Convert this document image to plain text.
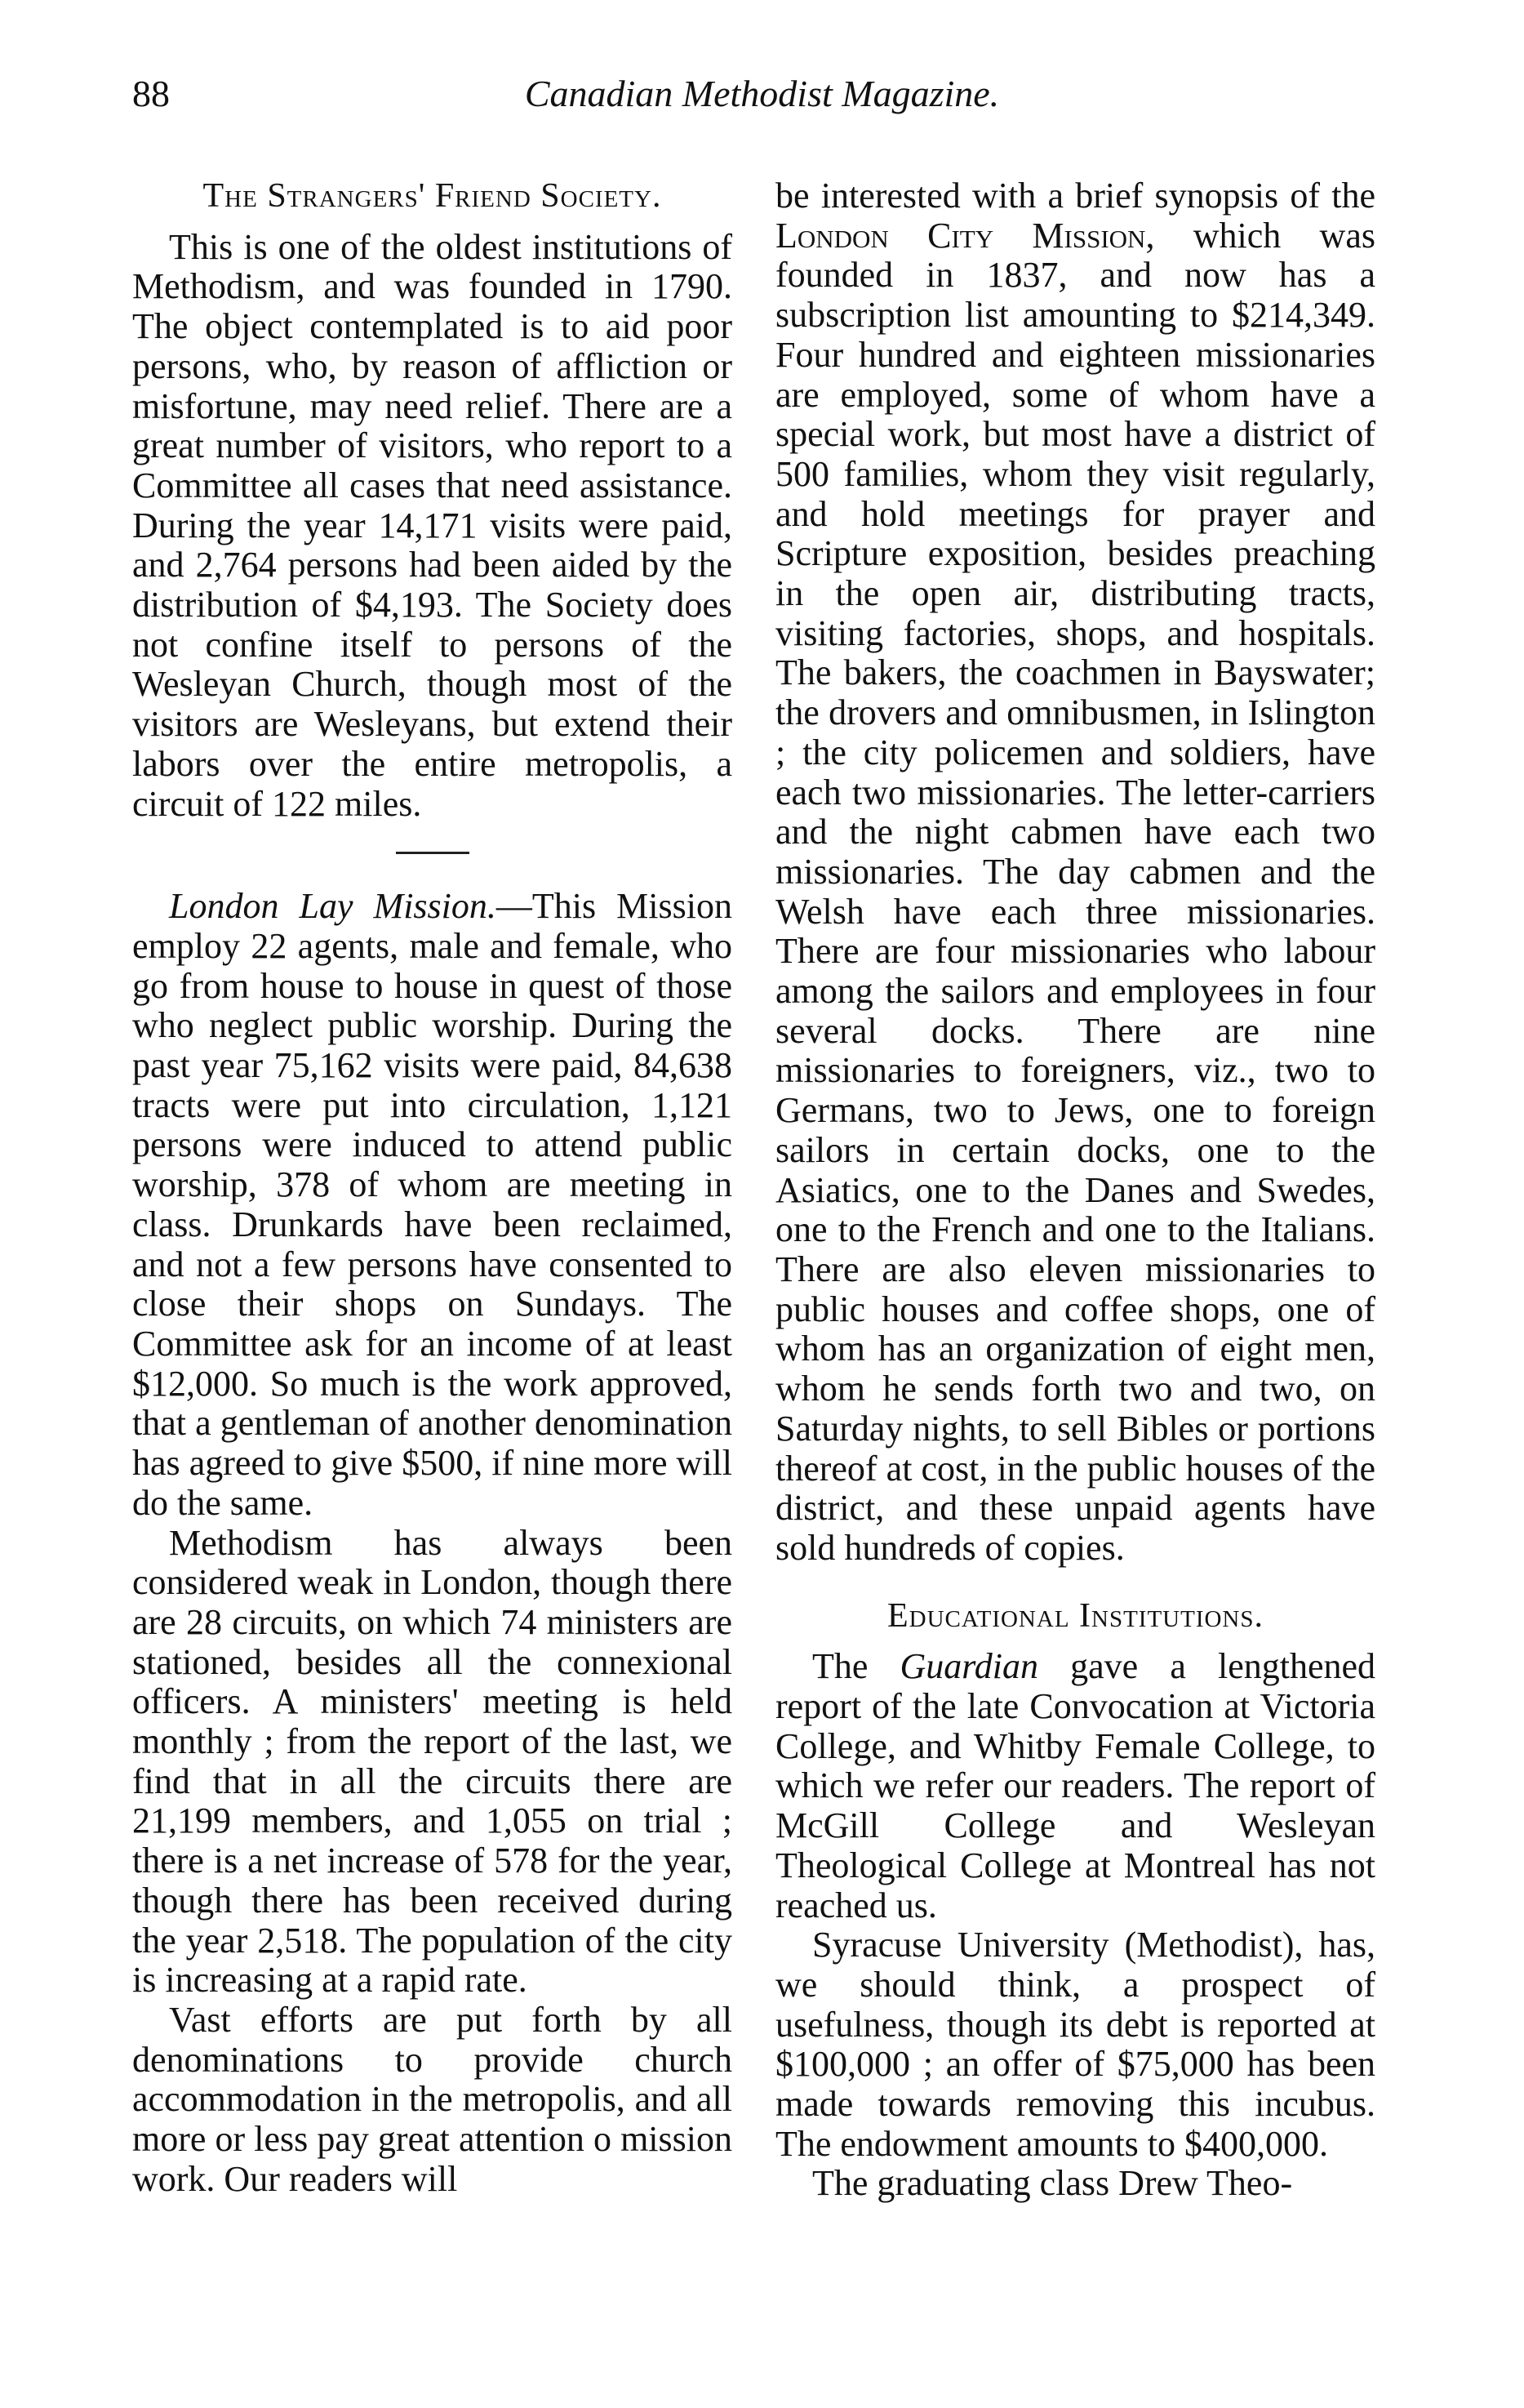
88	Canadian Methodist Magazine.
The Strangers' Friend Society.

This is one of the oldest institutions of Methodism, and was founded in 1790. The object contemplated is to aid poor persons, who, by reason of affliction or misfortune, may need relief. There are a great number of visitors, who report to a Committee all cases that need assistance. During the year 14,171 visits were paid, and 2,764 persons had been aided by the distribution of $4,193. The Society does not confine itself to persons of the Wesleyan Church, though most of the visitors are Wesleyans, but extend their labors over the entire metropolis, a circuit of 122 miles.

London Lay Mission.—This Mission employ 22 agents, male and female, who go from house to house in quest of those who neglect public worship. During the past year 75,162 visits were paid, 84,638 tracts were put into circulation, 1,121 persons were induced to attend public worship, 378 of whom are meeting in class. Drunkards have been reclaimed, and not a few persons have consented to close their shops on Sundays. The Committee ask for an income of at least $12,000. So much is the work approved, that a gentleman of another denomination has agreed to give $500, if nine more will do the same.

Methodism has always been considered weak in London, though there are 28 circuits, on which 74 ministers are stationed, besides all the connexional officers. A ministers' meeting is held monthly ; from the report of the last, we find that in all the circuits there are 21,199 members, and 1,055 on trial ; there is a net increase of 578 for the year, though there has been received during the year 2,518. The population of the city is increasing at a rapid rate.

Vast efforts are put forth by all denominations to provide church accommodation in the metropolis, and all more or less pay great attention o mission work. Our readers will

be interested with a brief synopsis of the London City Mission, which was founded in 1837, and now has a subscription list amounting to $214,349. Four hundred and eighteen missionaries are employed, some of whom have a special work, but most have a district of 500 families, whom they visit regularly, and hold meetings for prayer and Scripture exposition, besides preaching in the open air, distributing tracts, visiting factories, shops, and hospitals. The bakers, the coachmen in Bayswater; the drovers and omnibusmen, in Islington ; the city policemen and soldiers, have each two missionaries. The letter-carriers and the night cabmen have each two missionaries. The day cabmen and the Welsh have each three missionaries. There are four missionaries who labour among the sailors and employees in four several docks. There are nine missionaries to foreigners, viz., two to Germans, two to Jews, one to foreign sailors in certain docks, one to the Asiatics, one to the Danes and Swedes, one to the French and one to the Italians. There are also eleven missionaries to public houses and coffee shops, one of whom has an organization of eight men, whom he sends forth two and two, on Saturday nights, to sell Bibles or portions thereof at cost, in the public houses of the district, and these unpaid agents have sold hundreds of copies.

Educational Institutions.

The Guardian gave a lengthened report of the late Convocation at Victoria College, and Whitby Female College, to which we refer our readers. The report of McGill College and Wesleyan Theological College at Montreal has not reached us.

Syracuse University (Methodist), has, we should think, a prospect of usefulness, though its debt is reported at $100,000 ; an offer of $75,000 has been made towards removing this incubus. The endowment amounts to $400,000.

The graduating class Drew Theo-
